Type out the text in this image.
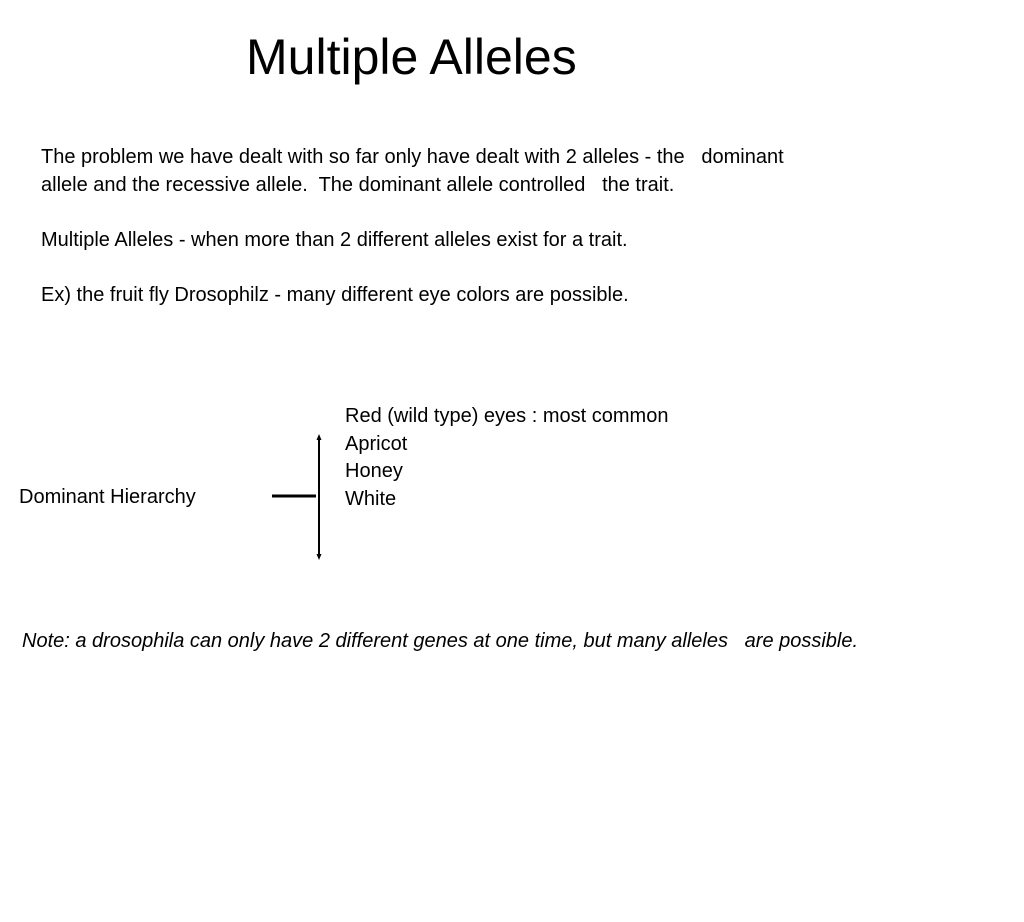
Multiple Alleles
The problem we have dealt with so far only have dealt with 2 alleles - the   dominant
allele and the recessive allele.  The dominant allele controlled   the trait.
Multiple Alleles - when more than 2 different alleles exist for a trait.
Ex) the fruit fly Drosophilz - many different eye colors are possible.
Dominant Hierarchy
Red (wild type) eyes : most common
Apricot
Honey
White
Note: a drosophila can only have 2 different genes at one time, but many alleles   are possible.
